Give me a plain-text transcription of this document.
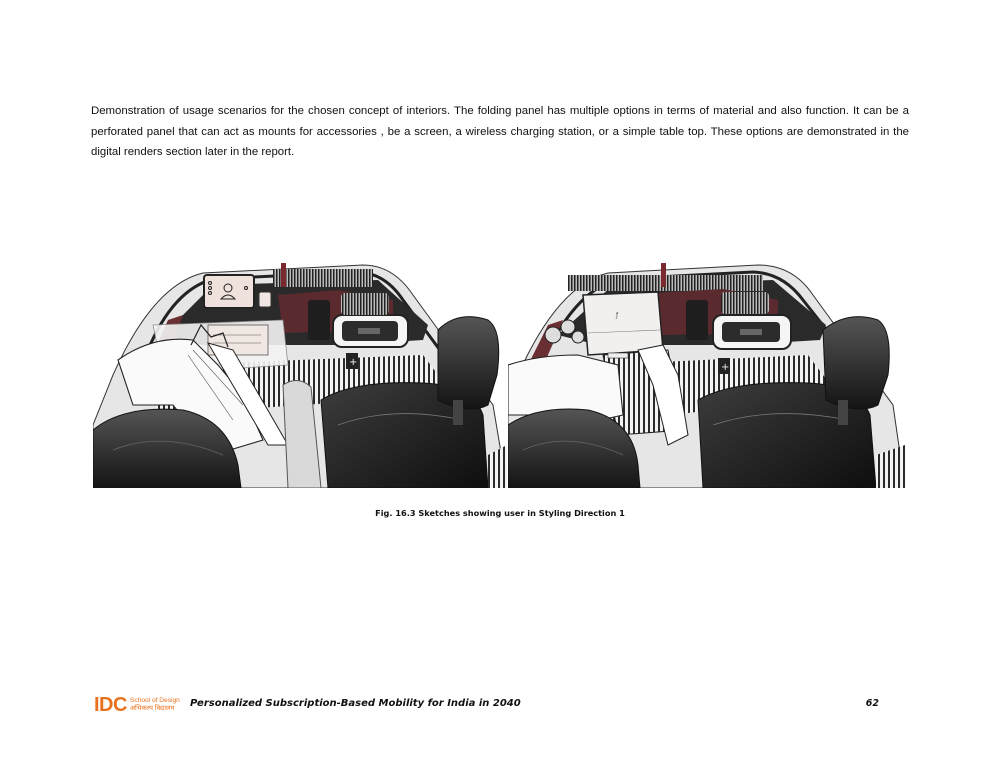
Demonstration of usage scenarios for the chosen concept of interiors. The folding panel has multiple options in terms of material and also function. It can be a perforated panel that can act as mounts for accessories , be a screen, a wireless charging station, or a simple table top. These options are demonstrated in the digital renders section later in the report.

+	+
ƒ
Fig. 16.3 Sketches showing user in Styling Direction 1
IDC School of Design
अभिकल्प विद्यालय	Personalized Subscription-Based Mobility for India in 2040	62
